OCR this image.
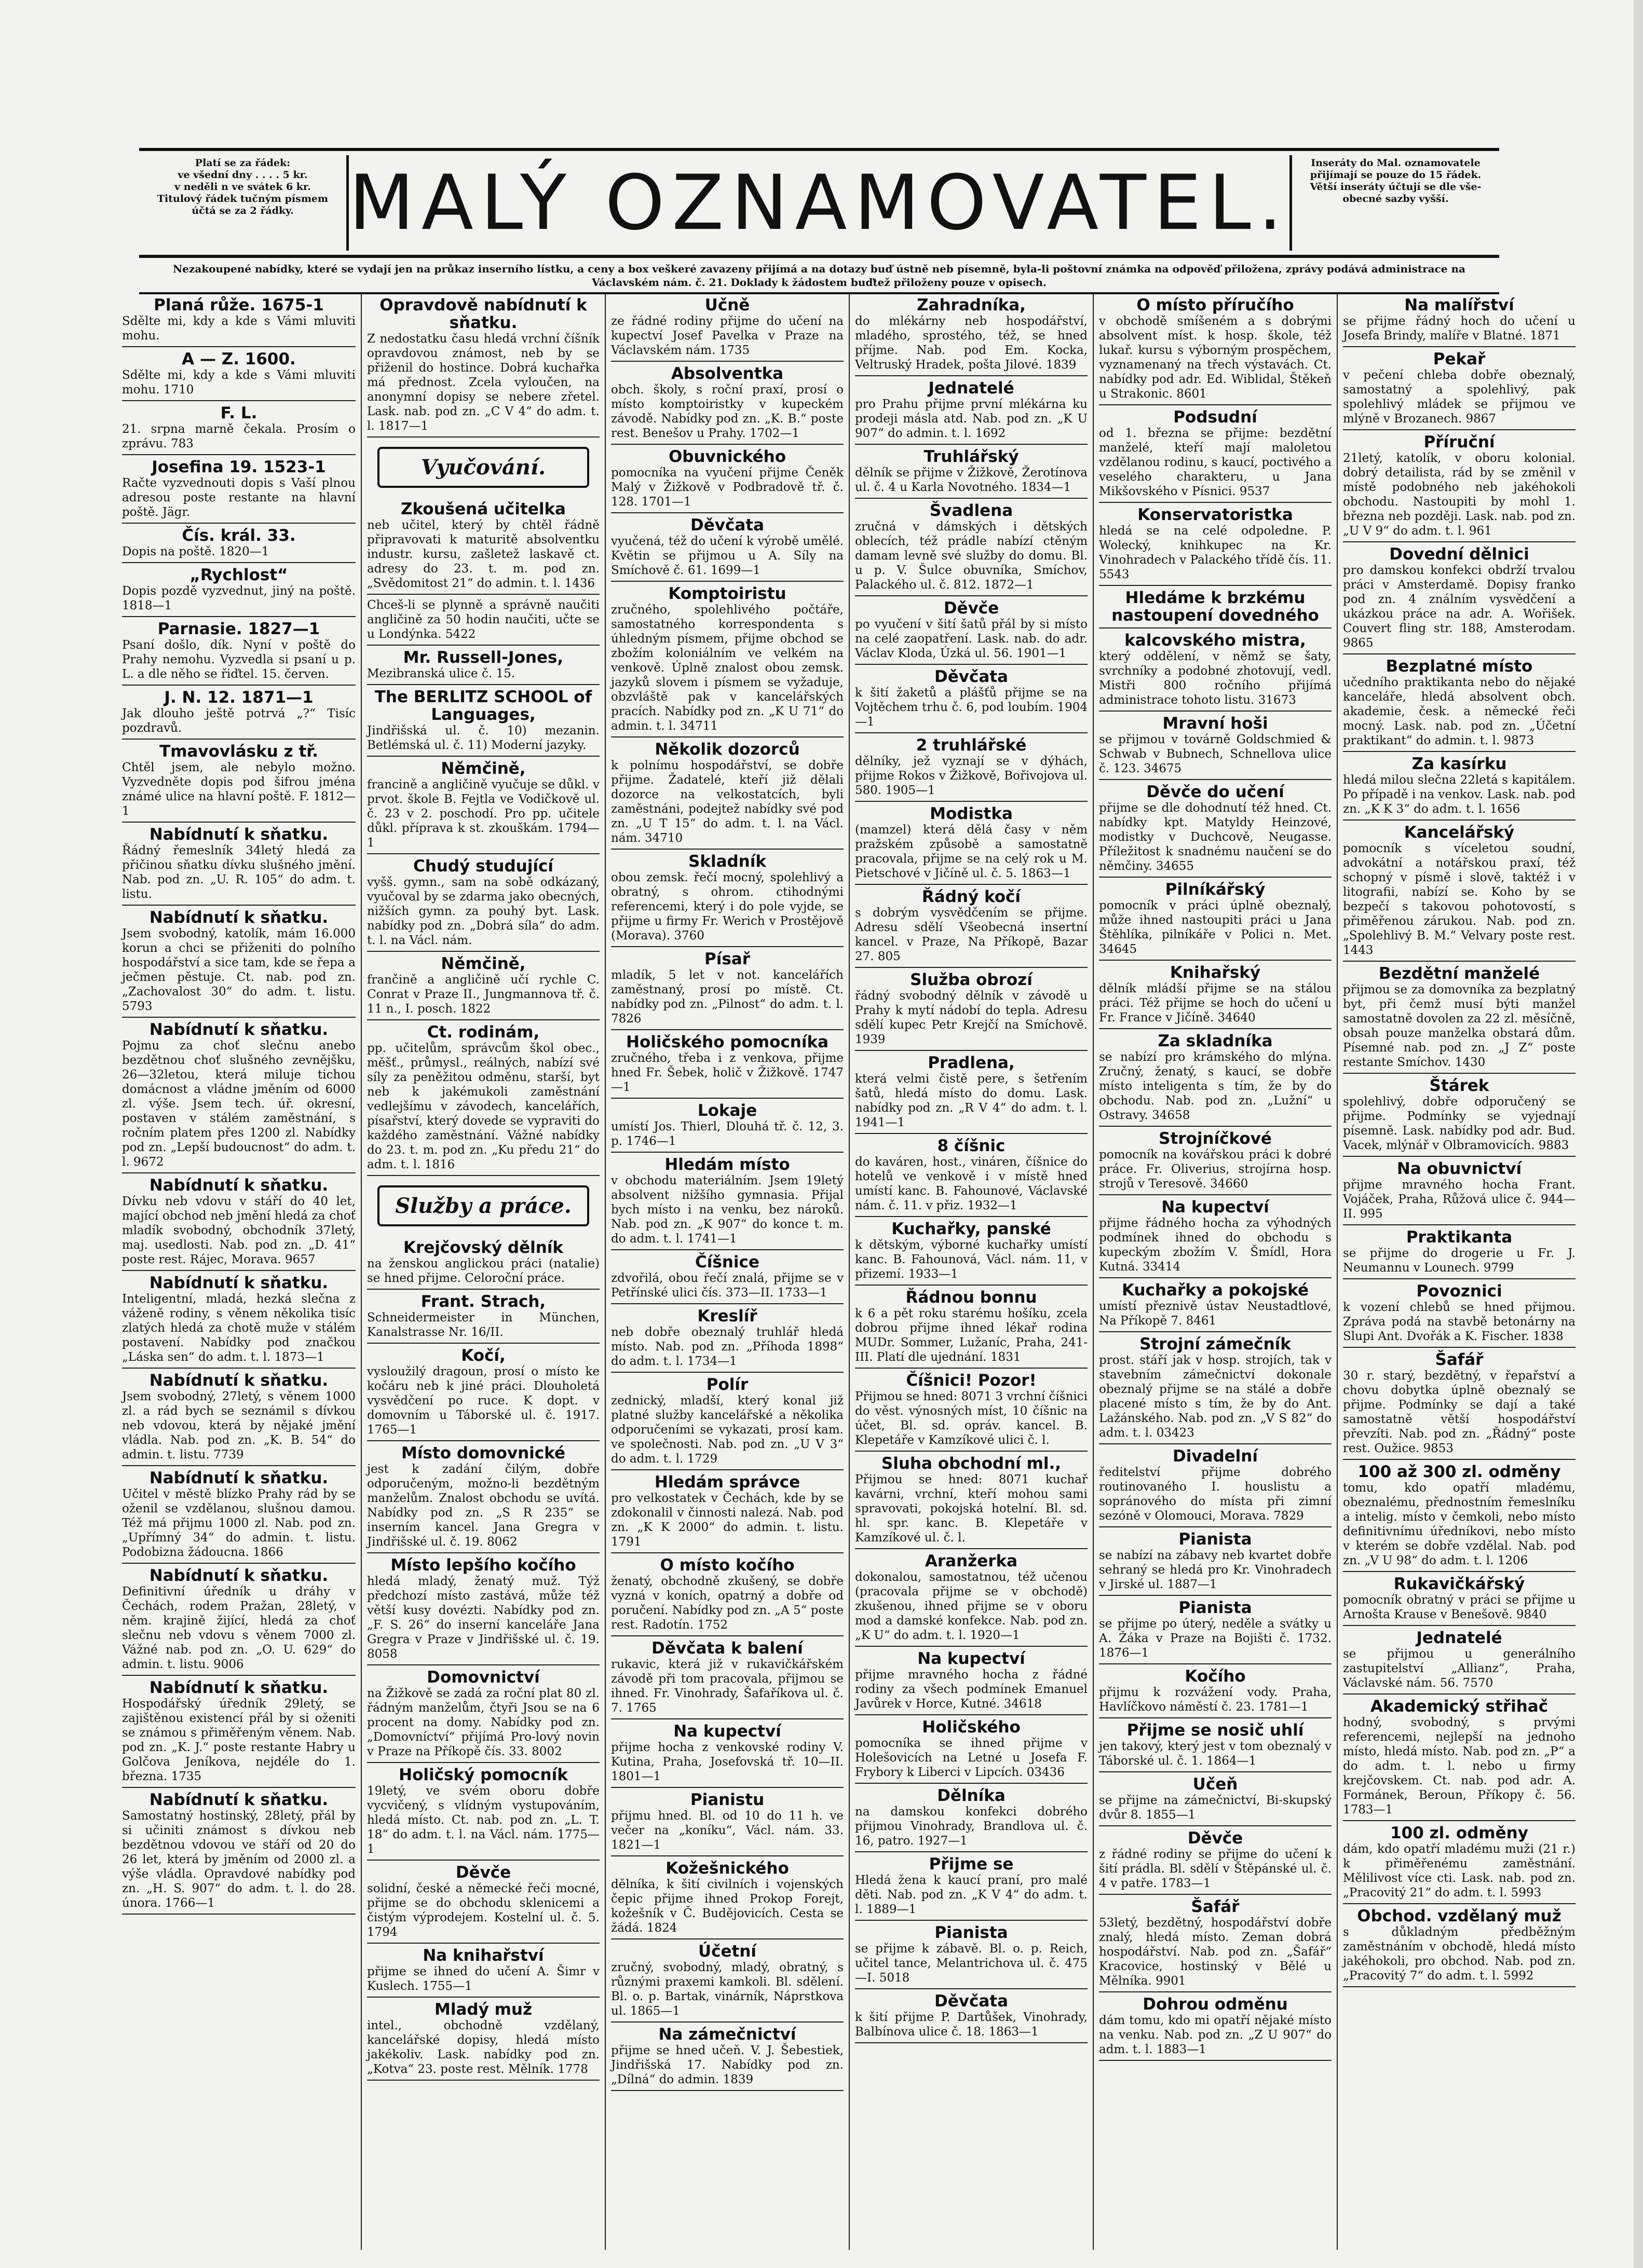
Platí se za řádek:
ve všední dny . . . . 5 kr.
v neděli n ve svátek 6 kr.
Titulový řádek tučným písmem
účtá se za 2 řádky. MALÝ OZNAMOVATEL.	Inseráty do Mal. oznamovatele
přijímají se pouze do 15 řádek.
Větší inseráty účtují se dle vše-
obecné sazby vyšší.
Nezakoupené nabídky, které se vydají jen na průkaz inserního lístku, a ceny a box veškeré zavazeny přijímá a na dotazy buď ústně neb písemně, byla-li poštovní známka na odpověď přiložena, zprávy podává administrace na Václavském nám. č. 21. Doklady k žádostem buďtež přiloženy pouze v opisech.
Planá růže. 1675-1
Sdělte mi, kdy a kde s Vámi mluviti mohu.
A — Z. 1600.
Sdělte mi, kdy a kde s Vámi mluviti mohu. 1710
F. L.
21. srpna marně čekala. Prosím o zprávu. 783
Josefina 19. 1523-1
Račte vyzvednouti dopis s Vaší plnou adresou poste restante na hlavní poště. Jägr.
Čís. král. 33.
Dopis na poště. 1820—1
„Rychlost“
Dopis pozdě vyzvednut, jiný na poště. 1818—1
Parnasie. 1827—1
Psaní došlo, dík. Nyní v poště do Prahy nemohu. Vyzvedla si psaní u p. L. a dle něho se řiďtel. 15. červen.
J. N. 12. 1871—1
Jak dlouho ještě potrvá „?“ Tisíc pozdravů.
Tmavovlásku z tř.
Chtěl jsem, ale nebylo možno. Vyzvedněte dopis pod šifrou jména známé ulice na hlavní poště. F. 1812—1
Nabídnutí k sňatku.
Řádný řemeslník 34letý hledá za přičinou sňatku dívku slušného jmění. Nab. pod zn. „U. R. 105“ do adm. t. listu.
Nabídnutí k sňatku.
Jsem svobodný, katolík, mám 16.000 korun a chci se přiženiti do polního hospodářství a sice tam, kde se řepa a ječmen pěstuje. Ct. nab. pod zn. „Zachovalost 30“ do adm. t. listu. 5793
Nabídnutí k sňatku.
Pojmu za choť slečnu anebo bezdětnou choť slušného zevnějšku, 26—32letou, která miluje tichou domácnost a vládne jměním od 6000 zl. výše. Jsem tech. úř. okresní, postaven v stálém zaměstnání, s ročním platem přes 1200 zl. Nabídky pod zn. „Lepší budoucnost“ do adm. t. l. 9672
Nabídnutí k sňatku.
Dívku neb vdovu v stáří do 40 let, mající obchod neb jmění hledá za choť mladík svobodný, obchodník 37letý, maj. usedlosti. Nab. pod zn. „D. 41“ poste rest. Rájec, Morava. 9657
Nabídnutí k sňatku.
Inteligentní, mladá, hezká slečna z váženě rodiny, s věnem několika tisíc zlatých hledá za chotě muže v stálém postavení. Nabídky pod značkou „Láska sen“ do adm. t. l. 1873—1
Nabídnutí k sňatku.
Jsem svobodný, 27letý, s věnem 1000 zl. a rád bych se seznámil s dívkou neb vdovou, která by nějaké jmění vládla. Nab. pod zn. „K. B. 54“ do admin. t. listu. 7739
Nabídnutí k sňatku.
Učitel v městě blízko Prahy rád by se oženil se vzdělanou, slušnou damou. Též má přijmu 1000 zl. Nab. pod zn. „Upřímný 34“ do admin. t. listu. Podobizna žádoucna. 1866
Nabídnutí k sňatku.
Definitivní úředník u dráhy v Čechách, rodem Pražan, 28letý, v něm. krajině žijící, hledá za choť slečnu neb vdovu s věnem 7000 zl. Vážné nab. pod zn. „O. U. 629“ do admin. t. listu. 9006
Nabídnutí k sňatku.
Hospodářský úředník 29letý, se zajištěnou existencí přál by si oženiti se známou s přiměřeným věnem. Nab. pod zn. „K. J.“ poste restante Habry u Golčova Jeníkova, nejdéle do 1. března. 1735
Nabídnutí k sňatku.
Samostatný hostinský, 28letý, přál by si učiniti známost s dívkou neb bezdětnou vdovou ve stáří od 20 do 26 let, která by jměním od 2000 zl. a výše vládla. Opravdové nabídky pod zn. „H. S. 907“ do adm. t. l. do 28. února. 1766—1
Opravdově nabídnutí k sňatku.
Z nedostatku času hledá vrchní číšník opravdovou známost, neb by se přiženil do hostince. Dobrá kuchařka má přednost. Zcela vyloučen, na anonymní dopisy se nebere zřetel. Lask. nab. pod zn. „C V 4“ do adm. t. l. 1817—1
Vyučování.
Zkoušená učitelka
neb učitel, který by chtěl řádně připravovati k maturitě absolventku industr. kursu, zašletež laskavě ct. adresy do 23. t. m. pod zn. „Svědomitost 21“ do admin. t. l. 1436
Chceš-li se plynně a správně naučiti angličině za 50 hodin naučiti, učte se u Londýnka. 5422
Mr. Russell-Jones,
Mezibranská ulice č. 15.
The BERLITZ SCHOOL of Languages,
Jindřišská ul. č. 10) mezanin. Betlémská ul. č. 11) Moderní jazyky.
Němčině,
francině a angličině vyučuje se důkl. v prvot. škole B. Fejtla ve Vodičkově ul. č. 23 v 2. poschodí. Pro pp. učitele důkl. příprava k st. zkouškám. 1794—1
Chudý studující
vyšš. gymn., sam na sobě odkázaný, vyučoval by se zdarma jako obecných, nižších gymn. za pouhý byt. Lask. nabídky pod zn. „Dobrá síla“ do adm. t. l. na Václ. nám.
Němčině,
frančině a angličině učí rychle C. Conrat v Praze II., Jungmannova tř. č. 11 n., I. posch. 1822
Ct. rodinám,
pp. učitelům, správcům škol obec., měšť., průmysl., reálných, nabízí své síly za peněžitou odměnu, starší, byt neb k jakémukoli zaměstnání vedlejšímu v závodech, kancelářích, písařství, který dovede se vypraviti do každého zaměstnání. Vážné nabídky do 23. t. m. pod zn. „Ku předu 21“ do adm. t. l. 1816
Služby a práce.
Krejčovský dělník
na ženskou anglickou práci (natalie) se hned přijme. Celoroční práce.
Frant. Strach,
Schneidermeister in München, Kanalstrasse Nr. 16/II.
Kočí,
vysloužilý dragoun, prosí o místo ke kočáru neb k jiné práci. Dlouholetá vysvědčení po ruce. K dopt. v domovním u Táborské ul. č. 1917. 1765—1
Místo domovnické
jest k zadání čilým, dobře odporučeným, možno-li bezdětným manželům. Znalost obchodu se uvítá. Nabídky pod zn. „S R 235“ se inserním kancel. Jana Gregra v Jindřišské ul. č. 19. 8062
Místo lepšího kočího
hledá mladý, ženatý muž. Týž předchozí místo zastává, může též větší kusy dovézti. Nabídky pod zn. „F. S. 26“ do inserní kanceláře Jana Gregra v Praze v Jindřišské ul. č. 19. 8058
Domovnictví
na Žižkově se zadá za roční plat 80 zl. řádným manželům, čtyři Jsou se na 6 procent na domy. Nabídky pod zn. „Domovníctví“ přijímá Pro-lový novin v Praze na Příkopě čís. 33. 8002
Holičský pomocník
19letý, ve svém oboru dobře vycvičený, s vlídným vystupováním, hledá místo. Ct. nab. pod zn. „L. T. 18“ do adm. t. l. na Václ. nám. 1775—1
Děvče
solidní, české a německé řeči mocné, přijme se do obchodu sklenicemi a čistým výprodejem. Kostelní ul. č. 5. 1794
Na knihařství
přijme se ihned do učení A. Šimr v Kuslech. 1755—1
Mladý muž
intel., obchodně vzdělaný, kancelářské dopisy, hledá místo jakékoliv. Lask. nabídky pod zn. „Kotva“ 23. poste rest. Mělník. 1778
Učně
ze řádné rodiny přijme do učení na kupectví Josef Pavelka v Praze na Václavském nám. 1735
Absolventka
obch. školy, s roční praxí, prosí o místo komptoiristky v kupeckém závodě. Nabídky pod zn. „K. B.“ poste rest. Benešov u Prahy. 1702—1
Obuvnického
pomocníka na vyučení přijme Čeněk Malý v Žižkově v Podbradově tř. č. 128. 1701—1
Děvčata
vyučená, též do učení k výrobě umělé. Květin se přijmou u A. Síly na Smíchově č. 61. 1699—1
Komptoiristu
zručného, spolehlivého počtáře, samostatného korrespondenta s úhledným písmem, přijme obchod se zbožím koloniálním ve velkém na venkově. Úplně znalost obou zemsk. jazyků slovem i písmem se vyžaduje, obzvláště pak v kancelářských pracích. Nabídky pod zn. „K U 71“ do admin. t. l. 34711
Několik dozorců
k polnímu hospodářství, se dobře přijme. Žadatelé, kteří již dělali dozorce na velkostatcích, byli zaměstnáni, podejtež nabídky své pod zn. „U T 15“ do adm. t. l. na Václ. nám. 34710
Skladník
obou zemsk. řečí mocný, spolehlivý a obratný, s ohrom. ctihodnými referencemi, který i do pole vyjde, se přijme u firmy Fr. Werich v Prostějově (Morava). 3760
Písař
mladík, 5 let v not. kancelářích zaměstnaný, prosí po místě. Ct. nabídky pod zn. „Pilnost“ do adm. t. l. 7826
Holičského pomocníka
zručného, třeba i z venkova, přijme hned Fr. Šebek, holič v Žižkově. 1747—1
Lokaje
umístí Jos. Thierl, Dlouhá tř. č. 12, 3. p. 1746—1
Hledám místo
v obchodu materiálním. Jsem 19letý absolvent nižšího gymnasia. Přijal bych místo i na venku, bez nároků. Nab. pod zn. „K 907“ do konce t. m. do adm. t. l. 1741—1
Číšnice
zdvořilá, obou řečí znalá, přijme se v Petřínské ulici čís. 373—II. 1733—1
Kreslíř
neb dobře obeznalý truhlář hledá místo. Nab. pod zn. „Příhoda 1898“ do adm. t. l. 1734—1
Polír
zednický, mladší, který konal již platné služby kancelářské a několika odporučeními se vykazati, prosí kam. ve společnosti. Nab. pod zn. „U V 3“ do adm. t. l. 1729
Hledám správce
pro velkostatek v Čechách, kde by se zdokonalil v činnosti nalezá. Nab. pod zn. „K K 2000“ do admin. t. listu. 1791
O místo kočího
ženatý, obchodně zkušený, se dobře vyzná v koních, opatrný a dobře od poručení. Nabídky pod zn. „A 5“ poste rest. Radotín. 1752
Děvčata k balení
rukavic, která již v rukavičkářském závodě při tom pracovala, přijmou se ihned. Fr. Vinohrady, Šafaříkova ul. č. 7. 1765
Na kupectví
přijme hocha z venkovské rodiny V. Kutina, Praha, Josefovská tř. 10—II. 1801—1
Pianistu
přijmu hned. Bl. od 10 do 11 h. ve večer na „koníku“, Václ. nám. 33. 1821—1
Kožešnického
dělníka, k šití civilních i vojenských čepic přijme ihned Prokop Forejt, kožešník v Č. Budějovicích. Cesta se žádá. 1824
Účetní
zručný, svobodný, mladý, obratný, s různými praxemi kamkoli. Bl. sdělení. Bl. o. p. Bartak, vinárník, Náprstkova ul. 1865—1
Na zámečnictví
přijme se hned učeň. V. J. Šebestiek, Jindřišská 17. Nabídky pod zn. „Dílná“ do admin. 1839
Zahradníka,
do mlékárny neb hospodářství, mladého, sprostého, též, se hned příjme. Nab. pod Em. Kocka, Veltruský Hradek, pošta Jilové. 1839
Jednatelé
pro Prahu přijme první mlékárna ku prodeji másla atd. Nab. pod zn. „K U 907“ do admin. t. l. 1692
Truhlářský
dělník se přijme v Žižkově, Žerotínova ul. č. 4 u Karla Novotného. 1834—1
Švadlena
zručná v dámských i dětských oblecích, též prádle nabízí ctěným damam levně své služby do domu. Bl. u p. V. Šulce obuvníka, Smíchov, Palackého ul. č. 812. 1872—1
Děvče
po vyučení v šití šatů přál by si místo na celé zaopatření. Lask. nab. do adr. Václav Kloda, Úzká ul. 56. 1901—1
Děvčata
k šití žaketů a plášťů přijme se na Vojtěchem trhu č. 6, pod loubím. 1904—1
2 truhlářské
dělníky, jež vyznají se v dýhách, přijme Rokos v Žižkově, Bořivojova ul. 580. 1905—1
Modistka
(mamzel) která dělá časy v něm pražském způsobě a samostatně pracovala, přijme se na celý rok u M. Pietschové v Jičíně ul. č. 5. 1863—1
Řádný kočí
s dobrým vysvědčením se přijme. Adresu sdělí Všeobecná insertní kancel. v Praze, Na Příkopě, Bazar 27. 805
Služba obrozí
řádný svobodný dělník v závodě u Prahy k mytí nádobí do tepla. Adresu sdělí kupec Petr Krejčí na Smíchově. 1939
Pradlena,
která velmi čistě pere, s šetřením šatů, hledá místo do domu. Lask. nabídky pod zn. „R V 4“ do adm. t. l. 1941—1
8 číšnic
do kaváren, host., vináren, číšnice do hotelů ve venkově i v místě hned umístí kanc. B. Fahounové, Václavské nám. č. 11. v přiz. 1932—1
Kuchařky, panské
k dětským, výborné kuchařky umístí kanc. B. Fahounová, Václ. nám. 11, v přizemí. 1933—1
Řádnou bonnu
k 6 a pět roku starému hošíku, zcela dobrou přijme ihned lékař rodina MUDr. Sommer, Lužaníc, Praha, 241-III. Platí dle ujednání. 1831
Číšnici! Pozor!
Přijmou se hned: 8071 3 vrchní číšnici do věst. výnosných míst, 10 číšnic na účet, Bl. sd. opráv. kancel. B. Klepetáře v Kamzíkové ulici č. l.
Sluha obchodní ml.,
Přijmou se hned: 8071 kuchař kavárni, vrchní, kteří mohou sami spravovati, pokojská hotelní. Bl. sd. hl. spr. kanc. B. Klepetáře v Kamzíkové ul. č. l.
Aranžerka
dokonalou, samostatnou, též učenou (pracovala přijme se v obchodě) zkušenou, ihned přijme se v oboru mod a damské konfekce. Nab. pod zn. „K U“ do adm. t. l. 1920—1
Na kupectví
přijme mravného hocha z řádné rodiny za všech podmínek Emanuel Javůrek v Horce, Kutné. 34618
Holičského
pomocníka se ihned přijme v Holešovicích na Letné u Josefa F. Frybory k Liberci v Lipcích. 03436
Dělníka
na damskou konfekci dobrého přijmou Vinohrady, Brandlova ul. č. 16, patro. 1927—1
Přijme se
Hledá žena k kaucí praní, pro malé děti. Nab. pod zn. „K V 4“ do adm. t. l. 1889—1
Pianista
se přijme k zábavě. Bl. o. p. Reich, učitel tance, Melantrichova ul. č. 475—I. 5018
Děvčata
k šití přijme P. Dartůšek, Vinohrady, Balbínova ulice č. 18. 1863—1
O místo příručího
v obchodě smíšeném a s dobrými absolvent míst. k hosp. škole, též lukař. kursu s výborným prospěchem, vyznamenaný na třech výstavách. Ct. nabídky pod adr. Ed. Wiblidal, Štěkeň u Strakonic. 8601
Podsudní
od 1. března se přijme: bezdětní manželé, kteří mají maloletou vzdělanou rodinu, s kaucí, poctivého a veselého charakteru, u Jana Mikšovského v Písnici. 9537
Konservatoristka
hledá se na celé odpoledne. P. Wolecký, knihkupec na Kr. Vinohradech v Palackého třídě čís. 11. 5543
Hledáme k brzkému nastoupení dovedného
kalcovského mistra,
který oddělení, v němž se šaty, svrchníky a podobné zhotovují, vedl. Mistři 800 ročního přijímá administrace tohoto listu. 31673
Mravní hoši
se přijmou v továrně Goldschmied & Schwab v Bubnech, Schnellova ulice č. 123. 34675
Děvče do učení
přijme se dle dohodnutí též hned. Ct. nabídky kpt. Matyldy Heinzové, modistky v Duchcově, Neugasse. Příležitost k snadnému naučení se do němčiny. 34655
Pilníkářský
pomocník v práci úplně obeznalý, může ihned nastoupiti práci u Jana Štěhlíka, pilníkáře v Polici n. Met. 34645
Knihařský
dělník mládší přijme se na stálou práci. Též přijme se hoch do učení u Fr. France v Jičíně. 34640
Za skladníka
se nabízí pro krámského do mlýna. Zručný, ženatý, s kaucí, se dobře místo inteligenta s tím, že by do obchodu. Nab. pod zn. „Lužní“ u Ostravy. 34658
Strojníčkové
pomocník na kovářskou práci k dobré práce. Fr. Oliverius, strojírna hosp. strojů v Teresově. 34660
Na kupectví
přijme řádného hocha za výhodných podmínek ihned do obchodu s kupeckým zbožím V. Šmídl, Hora Kutná. 33414
Kuchařky a pokojské
umístí přeznivě ústav Neustadtlové, Na Příkopě 7. 8461
Strojní zámečník
prost. stáří jak v hosp. strojích, tak v stavebním zámečnictví dokonale obeznalý přijme se na stálé a dobře placené místo s tím, že by do Ant. Lažánského. Nab. pod zn. „V S 82“ do adm. t. l. 03423
Divadelní
ředitelství přijme dobrého routinovaného I. houslistu a sopránového do místa při zimní sezóně v Olomouci, Morava. 7829
Pianista
se nabízí na zábavy neb kvartet dobře sehraný se hledá pro Kr. Vinohradech v Jirské ul. 1887—1
Pianista
se přijme po úterý, neděle a svátky u A. Žáka v Praze na Bojišti č. 1732. 1876—1
Kočího
přijmu k rozvážení vody. Praha, Havlíčkovo náměstí č. 23. 1781—1
Přijme se nosič uhlí
jen takový, který jest v tom obeznalý v Táborské ul. č. 1. 1864—1
Učeň
se přijme na zámečnictví, Bi-skupský dvůr 8. 1855—1
Děvče
z řádné rodiny se přijme do učení k šití prádla. Bl. sdělí v Štěpánské ul. č. 4 v patře. 1783—1
Šafář
53letý, bezdětný, hospodářství dobře znalý, hledá místo. Zeman dobrá hospodářství. Nab. pod zn. „Šafář“ Kracovice, hostinský v Bělé u Mělníka. 9901
Dohrou odměnu
dám tomu, kdo mi opatří nějaké místo na venku. Nab. pod zn. „Z U 907“ do adm. t. l. 1883—1
Na malířství
se přijme řádný hoch do učení u Josefa Brindy, malíře v Blatné. 1871
Pekař
v pečení chleba dobře obeznalý, samostatný a spolehlivý, pak spolehlivý mládek se přijmou ve mlýně v Brozanech. 9867
Příruční
21letý, katolík, v oboru kolonial. dobrý detailista, rád by se změnil v místě podobného neb jakéhokoli obchodu. Nastoupiti by mohl 1. března neb později. Lask. nab. pod zn. „U V 9“ do adm. t. l. 961
Dovední dělnici
pro damskou konfekci obdrží trvalou práci v Amsterdamě. Dopisy franko pod zn. 4 ználním vysvědčení a ukázkou práce na adr. A. Wořišek. Couvert fling str. 188, Amsterodam. 9865
Bezplatné místo
učedního praktikanta nebo do nějaké kanceláře, hledá absolvent obch. akademie, česk. a německé řeči mocný. Lask. nab. pod zn. „Účetní praktikant“ do admin. t. l. 9873
Za kasírku
hledá milou slečna 22letá s kapitálem. Po případě i na venkov. Lask. nab. pod zn. „K K 3“ do adm. t. l. 1656
Kancelářský
pomocník s víceletou soudní, advokátní a notářskou praxí, též schopný v písmě i slově, taktéž i v litografii, nabízí se. Koho by se bezpečí s takovou pohotovostí, s přiměřenou zárukou. Nab. pod zn. „Spolehlivý B. M.“ Velvary poste rest. 1443
Bezdětní manželé
přijmou se za domovníka za bezplatný byt, při čemž musí býti manžel samostatně dovolen za 22 zl. měsíčně, obsah pouze manželka obstará dům. Písemné nab. pod zn. „J Z“ poste restante Smíchov. 1430
Štárek
spolehlivý, dobře odporučený se přijme. Podmínky se vyjednají písemně. Lask. nabídky pod adr. Bud. Vacek, mlýnář v Olbramovicích. 9883
Na obuvnictví
přijme mravného hocha Frant. Vojáček, Praha, Růžová ulice č. 944—II. 995
Praktikanta
se přijme do drogerie u Fr. J. Neumannu v Lounech. 9799
Povoznici
k vození chlebů se hned přijmou. Zpráva podá na stavbě betonárny na Slupi Ant. Dvořák a K. Fischer. 1838
Šafář
30 r. starý, bezdětný, v řepařství a chovu dobytka úplně obeznalý se přijme. Podmínky se dají a také samostatně větší hospodářství převzíti. Nab. pod zn. „Řádný“ poste rest. Oužice. 9853
100 až 300 zl. odměny
tomu, kdo opatří mladému, obeznalému, přednostním řemeslníku a intelig. místo v čemkoli, nebo místo definitivnímu úředníkovi, nebo místo v kterém se dobře vzdělal. Nab. pod zn. „V U 98“ do adm. t. l. 1206
Rukavičkářský
pomocník obratný v práci se přijme u Arnošta Krause v Benešově. 9840
Jednatelé
se přijmou u generálního zastupitelství „Allianz“, Praha, Václavské nám. 56. 7570
Akademický střihač
hodný, svobodný, s prvými referencemi, nejlepší na jednoho místo, hledá místo. Nab. pod zn. „P“ a do adm. t. l. nebo u firmy krejčovskem. Ct. nab. pod adr. A. Formánek, Beroun, Příkopy č. 56. 1783—1
100 zl. odměny
dám, kdo opatří mladému muži (21 r.) k přiměřenému zaměstnání. Mělilivost více cti. Lask. nab. pod zn. „Pracovitý 21“ do adm. t. l. 5993
Obchod. vzdělaný muž
s důkladným předběžným zaměstnáním v obchodě, hledá místo jakéhokoli, pro obchod. Nab. pod zn. „Pracovitý 7“ do adm. t. l. 5992
